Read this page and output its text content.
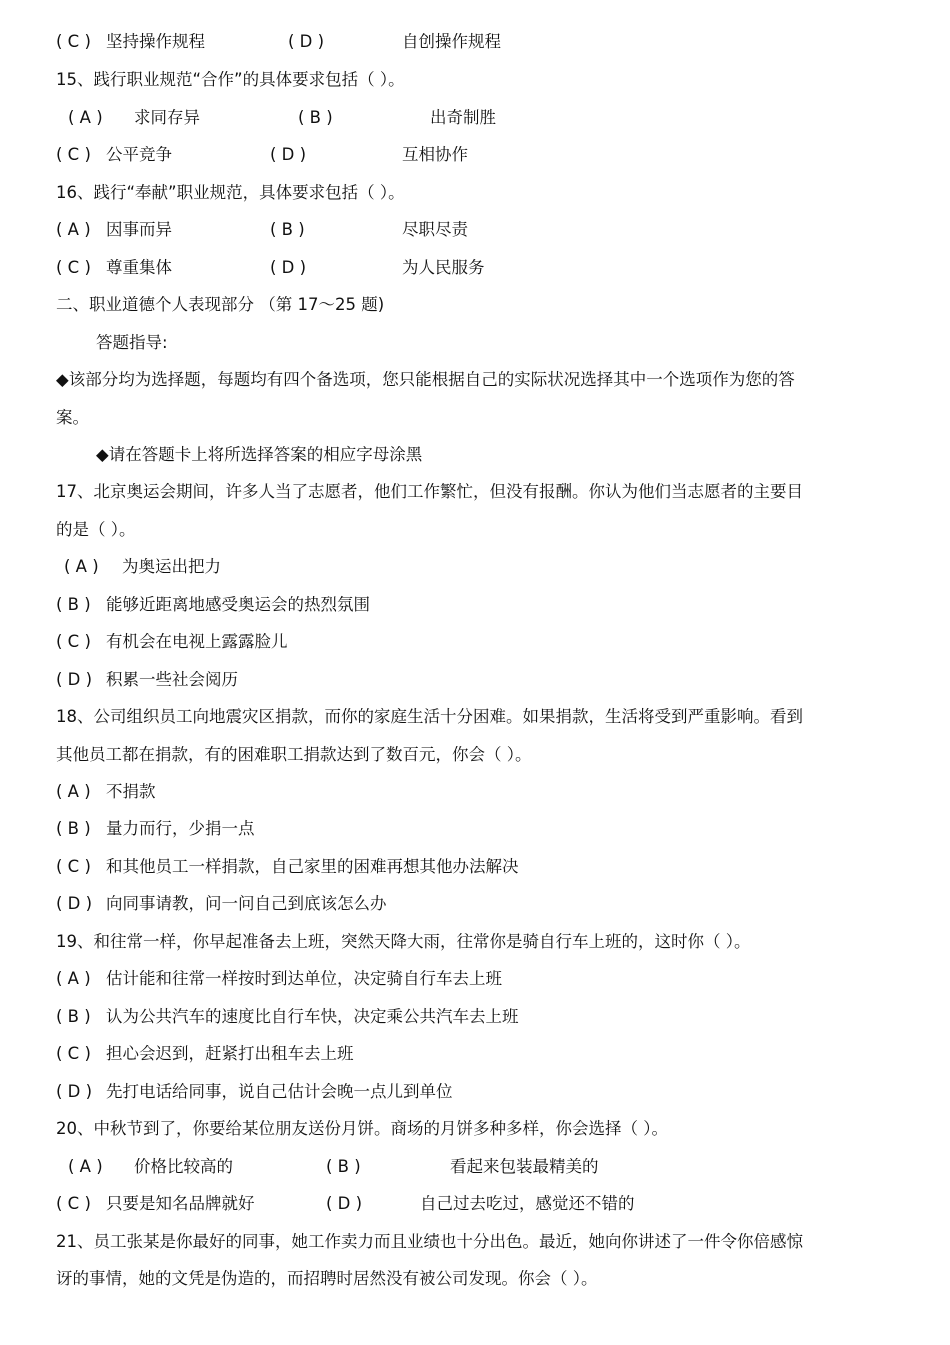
( C ) 坚持操作规程	( D )	自创操作规程
15、践行职业规范“合作”的具体要求包括（ ）。
( A ) 求同存异	( B )	出奇制胜
( C ) 公平竞争	( D )	互相协作
16、践行“奉献”职业规范，具体要求包括（ ）。
( A ) 因事而异	( B )	尽职尽责
( C ) 尊重集体	( D )	为人民服务
二、职业道德个人表现部分 （第 17～25 题)
答题指导:
◆该部分均为选择题，每题均有四个备选项，您只能根据自己的实际状况选择其中一个选项作为您的答
案。
◆请在答题卡上将所选择答案的相应字母涂黑
17、北京奥运会期间，许多人当了志愿者，他们工作繁忙，但没有报酬。你认为他们当志愿者的主要目
的是（ ）。
( A ) 为奥运出把力
( B ) 能够近距离地感受奥运会的热烈氛围
( C ) 有机会在电视上露露脸儿
( D ) 积累一些社会阅历
18、公司组织员工向地震灾区捐款，而你的家庭生活十分困难。如果捐款，生活将受到严重影响。看到
其他员工都在捐款，有的困难职工捐款达到了数百元，你会（ ）。
( A ) 不捐款
( B ) 量力而行，少捐一点
( C ) 和其他员工一样捐款，自己家里的困难再想其他办法解决
( D ) 向同事请教，问一问自己到底该怎么办
19、和往常一样，你早起准备去上班，突然天降大雨，往常你是骑自行车上班的，这时你（ ）。
( A ) 估计能和往常一样按时到达单位，决定骑自行车去上班
( B ) 认为公共汽车的速度比自行车快，决定乘公共汽车去上班
( C ) 担心会迟到，赶紧打出租车去上班
( D ) 先打电话给同事，说自己估计会晚一点儿到单位
20、中秋节到了，你要给某位朋友送份月饼。商场的月饼多种多样，你会选择（ ）。
( A ) 价格比较高的	( B )	看起来包装最精美的
( C ) 只要是知名品牌就好	( D )	自己过去吃过，感觉还不错的
21、员工张某是你最好的同事，她工作卖力而且业绩也十分出色。最近，她向你讲述了一件令你倍感惊
讶的事情，她的文凭是伪造的，而招聘时居然没有被公司发现。你会（ ）。
